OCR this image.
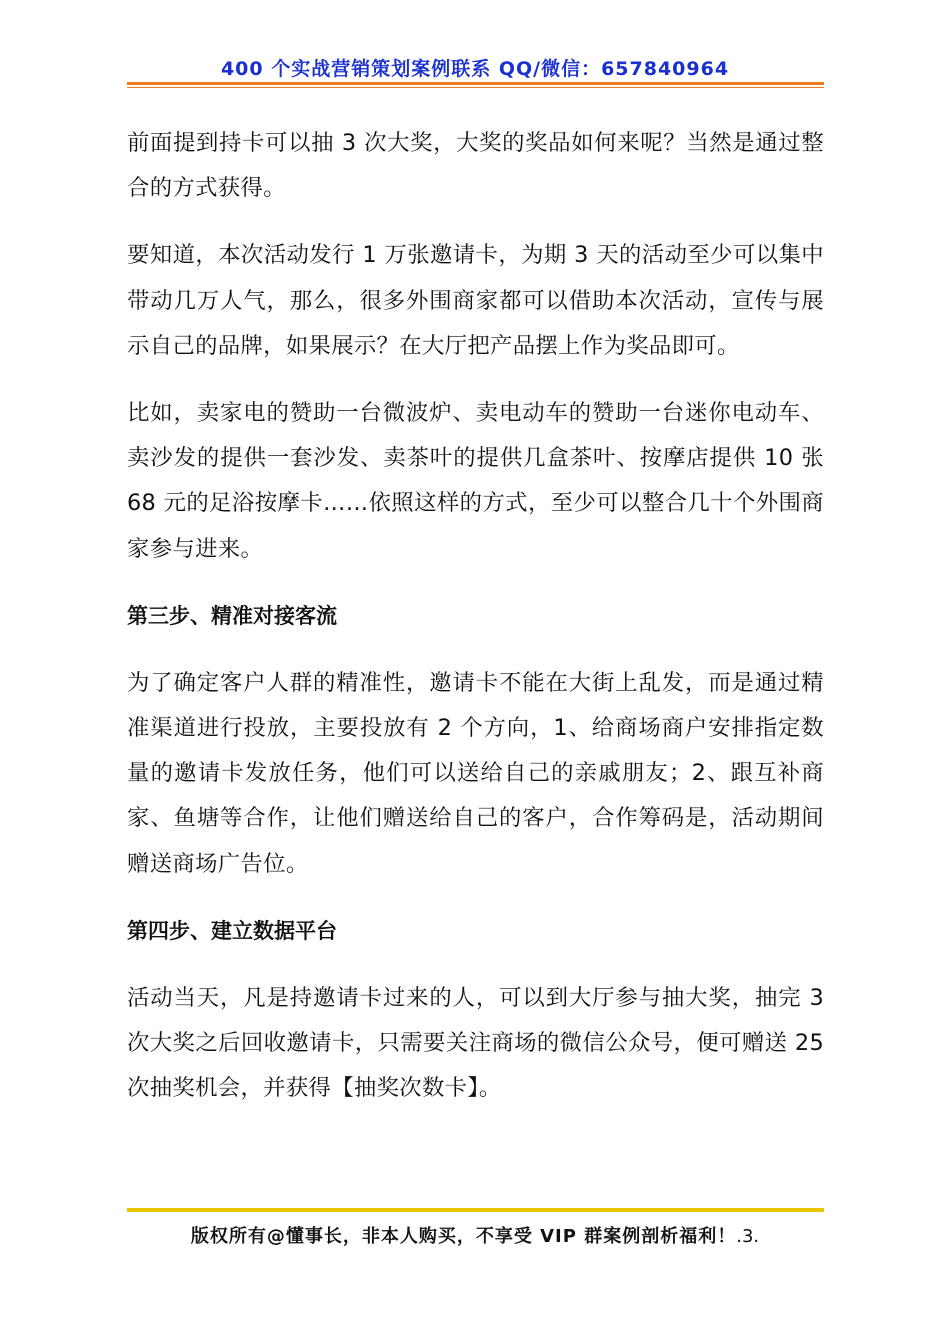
400 个实战营销策划案例联系 QQ/微信：657840964

前面提到持卡可以抽 3 次大奖，大奖的奖品如何来呢？当然是通过整合的方式获得。

要知道，本次活动发行 1 万张邀请卡，为期 3 天的活动至少可以集中带动几万人气，那么，很多外围商家都可以借助本次活动，宣传与展示自己的品牌，如果展示？在大厅把产品摆上作为奖品即可。

比如，卖家电的赞助一台微波炉、卖电动车的赞助一台迷你电动车、卖沙发的提供一套沙发、卖茶叶的提供几盒茶叶、按摩店提供 10 张 68 元的足浴按摩卡……依照这样的方式，至少可以整合几十个外围商家参与进来。

第三步、精准对接客流

为了确定客户人群的精准性，邀请卡不能在大街上乱发，而是通过精准渠道进行投放，主要投放有 2 个方向，1、给商场商户安排指定数量的邀请卡发放任务，他们可以送给自己的亲戚朋友；2、跟互补商家、鱼塘等合作，让他们赠送给自己的客户，合作筹码是，活动期间赠送商场广告位。

第四步、建立数据平台

活动当天，凡是持邀请卡过来的人，可以到大厅参与抽大奖，抽完 3 次大奖之后回收邀请卡，只需要关注商场的微信公众号，便可赠送 25 次抽奖机会，并获得【抽奖次数卡】。

版权所有@懂事长，非本人购买，不享受 VIP 群案例剖析福利！.3.
